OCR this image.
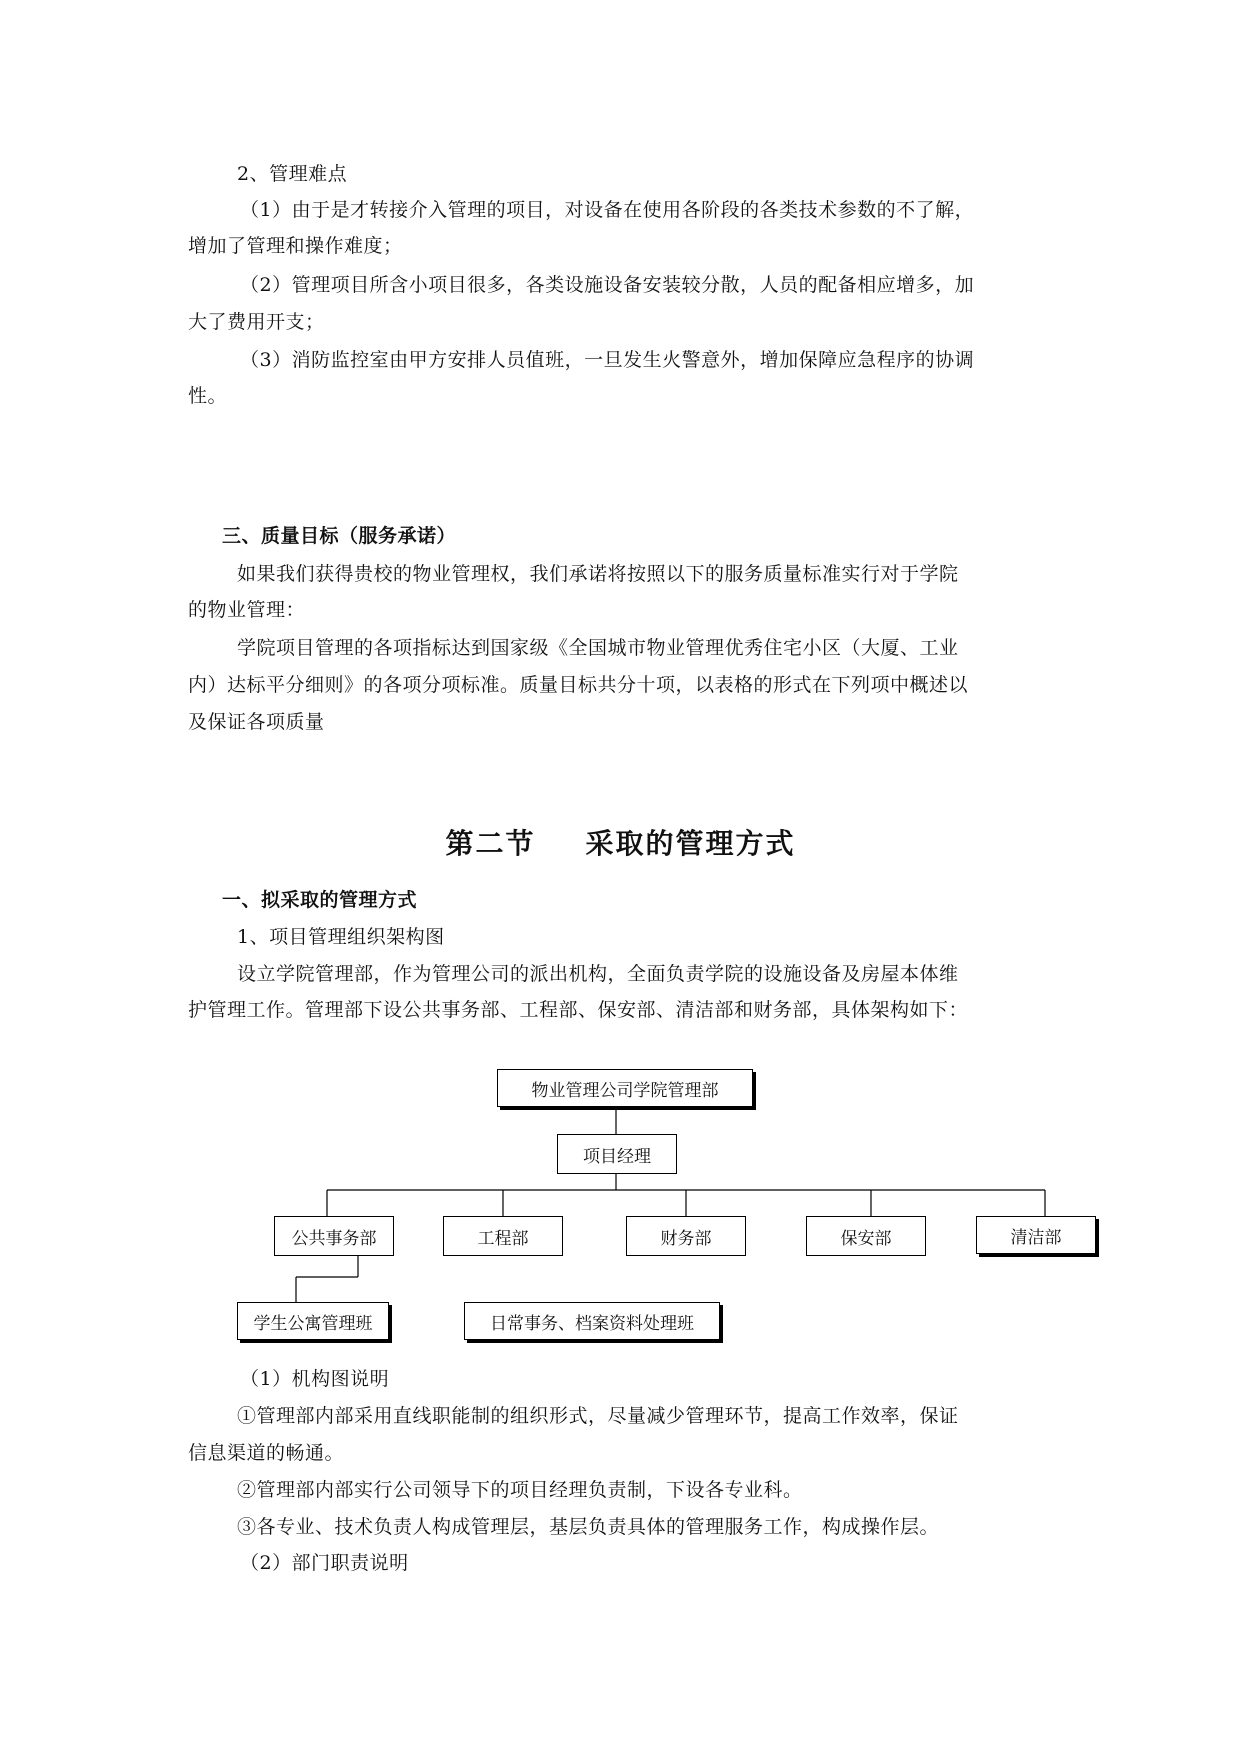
2、管理难点
（1）由于是才转接介入管理的项目，对设备在使用各阶段的各类技术参数的不了解，
增加了管理和操作难度；
（2）管理项目所含小项目很多，各类设施设备安装较分散，人员的配备相应增多，加
大了费用开支；
（3）消防监控室由甲方安排人员值班，一旦发生火警意外，增加保障应急程序的协调
性。
三、质量目标（服务承诺）
如果我们获得贵校的物业管理权，我们承诺将按照以下的服务质量标准实行对于学院
的物业管理：
学院项目管理的各项指标达到国家级《全国城市物业管理优秀住宅小区（大厦、工业
内）达标平分细则》的各项分项标准。质量目标共分十项，以表格的形式在下列项中概述以
及保证各项质量
第二节 采取的管理方式
一、拟采取的管理方式
1、项目管理组织架构图
设立学院管理部，作为管理公司的派出机构，全面负责学院的设施设备及房屋本体维
护管理工作。管理部下设公共事务部、工程部、保安部、清洁部和财务部，具体架构如下：
物业管理公司学院管理部
项目经理
公共事务部	工程部	财务部	保安部	清洁部
学生公寓管理班	日常事务、档案资料处理班
（1）机构图说明
①管理部内部采用直线职能制的组织形式，尽量减少管理环节，提高工作效率，保证
信息渠道的畅通。
②管理部内部实行公司领导下的项目经理负责制，下设各专业科。
③各专业、技术负责人构成管理层，基层负责具体的管理服务工作，构成操作层。
（2）部门职责说明
